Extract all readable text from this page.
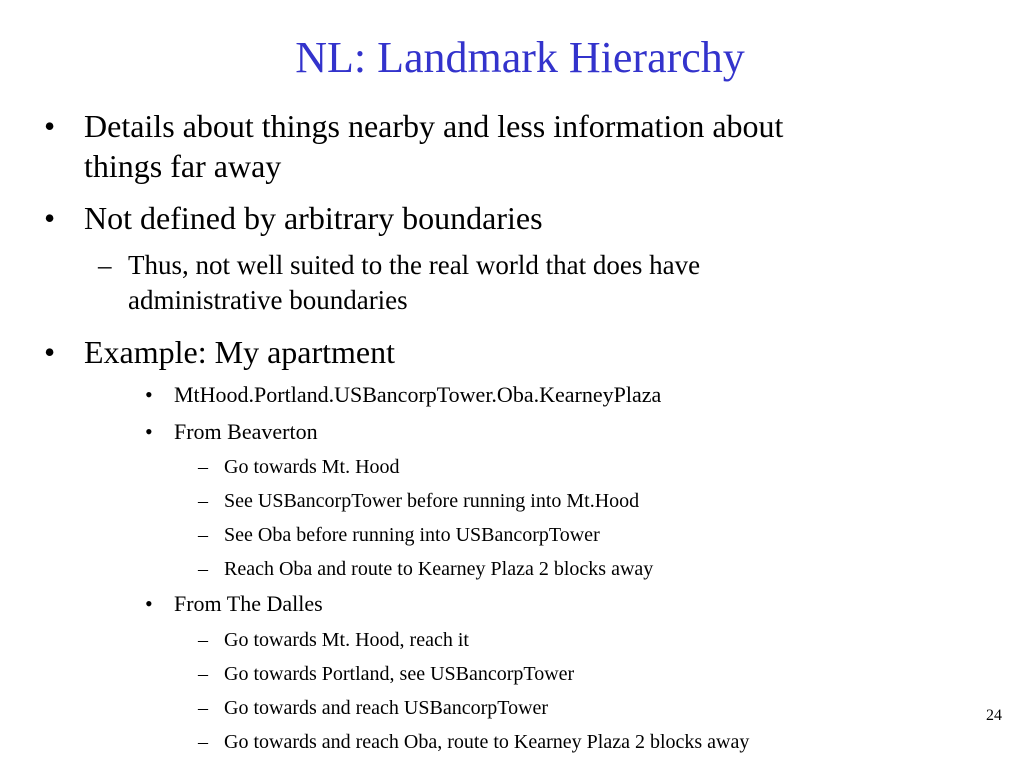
NL: Landmark Hierarchy
• Details about things nearby and less information about
things far away
• Not defined by arbitrary boundaries
– Thus, not well suited to the real world that does have
administrative boundaries
• Example: My apartment
• MtHood.Portland.USBancorpTower.Oba.KearneyPlaza
• From Beaverton
– Go towards Mt. Hood
– See USBancorpTower before running into Mt.Hood
– See Oba before running into USBancorpTower
– Reach Oba and route to Kearney Plaza 2 blocks away
• From The Dalles
– Go towards Mt. Hood, reach it
– Go towards Portland, see USBancorpTower
– Go towards and reach USBancorpTower
– Go towards and reach Oba, route to Kearney Plaza 2 blocks away
24
